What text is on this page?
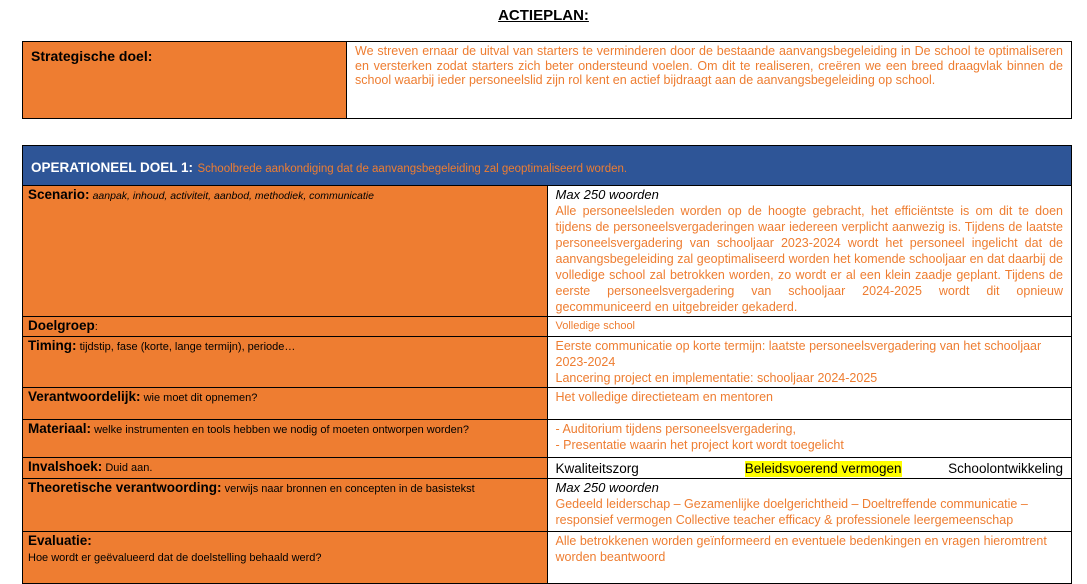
ACTIEPLAN:
Strategische doel:	We streven ernaar de uitval van starters te verminderen door de bestaande aanvangsbegeleiding in De school te optimaliseren en versterken zodat starters zich beter ondersteund voelen. Om dit te realiseren, creëren we een breed draagvlak binnen de school waarbij ieder personeelslid zijn rol kent en actief bijdraagt aan de aanvangsbegeleiding op school.
OPERATIONEEL DOEL 1: Schoolbrede aankondiging dat de aanvangsbegeleiding zal geoptimaliseerd worden.	
Scenario: aanpak, inhoud, activiteit, aanbod, methodiek, communicatie	Max 250 woorden
Alle personeelsleden worden op de hoogte gebracht, het efficiëntste is om dit te doen tijdens de personeelsvergaderingen waar iedereen verplicht aanwezig is. Tijdens de laatste personeelsvergadering van schooljaar 2023-2024 wordt het personeel ingelicht dat de aanvangsbegeleiding zal geoptimaliseerd worden het komende schooljaar en dat daarbij de volledige school zal betrokken worden, zo wordt er al een klein zaadje geplant. Tijdens de eerste personeelsvergadering van schooljaar 2024-2025 wordt dit opnieuw gecommuniceerd en uitgebreider gekaderd.

Doelgroep:	Volledige school
Timing: tijdstip, fase (korte, lange termijn), periode…	Eerste communicatie op korte termijn: laatste personeelsvergadering van het schooljaar 2023-2024
Lancering project en implementatie: schooljaar 2024-2025

Verantwoordelijk: wie moet dit opnemen?	Het volledige directieteam en mentoren
Materiaal: welke instrumenten en tools hebben we nodig of moeten ontworpen worden?	- Auditorium tijdens personeelsvergadering,
- Presentatie waarin het project kort wordt toegelicht

Invalshoek: Duid aan.	Kwaliteitszorg Beleidsvoerend vermogen Schoolontwikkeling

Theoretische verantwoording: verwijs naar bronnen en concepten in de basistekst	Max 250 woorden
Gedeeld leiderschap – Gezamenlijke doelgerichtheid – Doeltreffende communicatie – responsief vermogen Collective teacher efficacy & professionele leergemeenschap

Evaluatie:
Hoe wordt er geëvalueerd dat de doelstelling behaald werd?	Alle betrokkenen worden geïnformeerd en eventuele bedenkingen en vragen hieromtrent worden beantwoord
